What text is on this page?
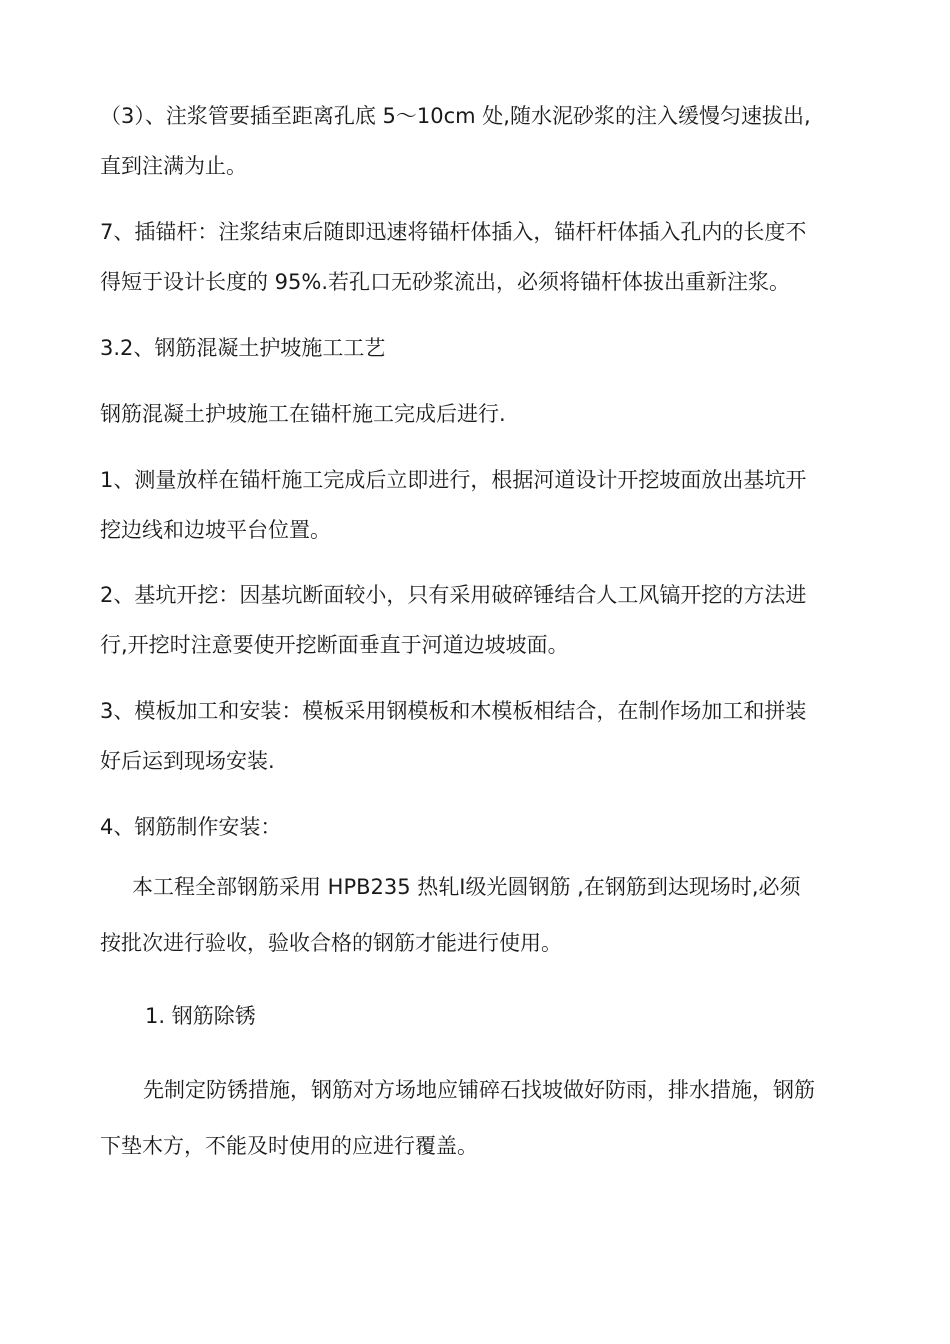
（3）、注浆管要插至距离孔底 5～10cm 处,随水泥砂浆的注入缓慢匀速拔出,
直到注满为止。
7、插锚杆：注浆结束后随即迅速将锚杆体插入，锚杆杆体插入孔内的长度不
得短于设计长度的 95%.若孔口无砂浆流出，必须将锚杆体拔出重新注浆。
3.2、钢筋混凝土护坡施工工艺
钢筋混凝土护坡施工在锚杆施工完成后进行.
1、测量放样在锚杆施工完成后立即进行，根据河道设计开挖坡面放出基坑开
挖边线和边坡平台位置。
2、基坑开挖：因基坑断面较小，只有采用破碎锤结合人工风镐开挖的方法进
行,开挖时注意要使开挖断面垂直于河道边坡坡面。
3、模板加工和安装：模板采用钢模板和木模板相结合，在制作场加工和拼装
好后运到现场安装.
4、钢筋制作安装：
本工程全部钢筋采用 HPB235 热轧Ⅰ级光圆钢筋 ,在钢筋到达现场时,必须
按批次进行验收，验收合格的钢筋才能进行使用。
1. 钢筋除锈
先制定防锈措施，钢筋对方场地应铺碎石找坡做好防雨，排水措施，钢筋
下垫木方，不能及时使用的应进行覆盖。
